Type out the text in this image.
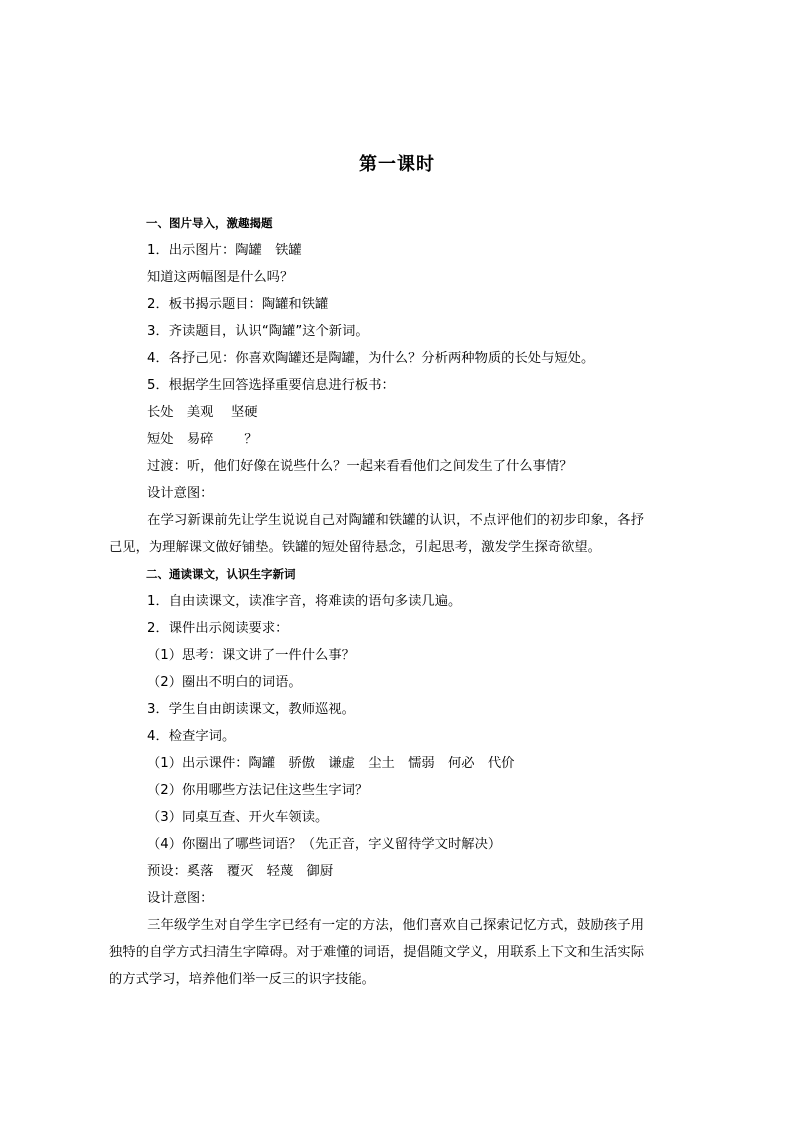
第一课时
一、图片导入，激趣揭题
1．出示图片：陶罐　铁罐
知道这两幅图是什么吗？
2．板书揭示题目：陶罐和铁罐
3．齐读题目，认识“陶罐”这个新词。
4．各抒己见：你喜欢陶罐还是陶罐，为什么？分析两种物质的长处与短处。
5．根据学生回答选择重要信息进行板书：
长处　美观　 坚硬
短处　易碎　　 ？
过渡：听，他们好像在说些什么？一起来看看他们之间发生了什么事情？
设计意图：
在学习新课前先让学生说说自己对陶罐和铁罐的认识，不点评他们的初步印象，各抒己见，为理解课文做好铺垫。铁罐的短处留待悬念，引起思考，激发学生探奇欲望。
二、通读课文，认识生字新词
1．自由读课文，读准字音，将难读的语句多读几遍。
2．课件出示阅读要求：
（1）思考：课文讲了一件什么事？
（2）圈出不明白的词语。
3．学生自由朗读课文，教师巡视。
4．检查字词。
（1）出示课件：陶罐　骄傲　谦虚　尘土　懦弱　何必　代价
（2）你用哪些方法记住这些生字词？
（3）同桌互查、开火车领读。
（4）你圈出了哪些词语？（先正音，字义留待学文时解决）
预设：奚落　覆灭　轻蔑　御厨
设计意图：
三年级学生对自学生字已经有一定的方法，他们喜欢自己探索记忆方式，鼓励孩子用独特的自学方式扫清生字障碍。对于难懂的词语，提倡随文学义，用联系上下文和生活实际的方式学习，培养他们举一反三的识字技能。
